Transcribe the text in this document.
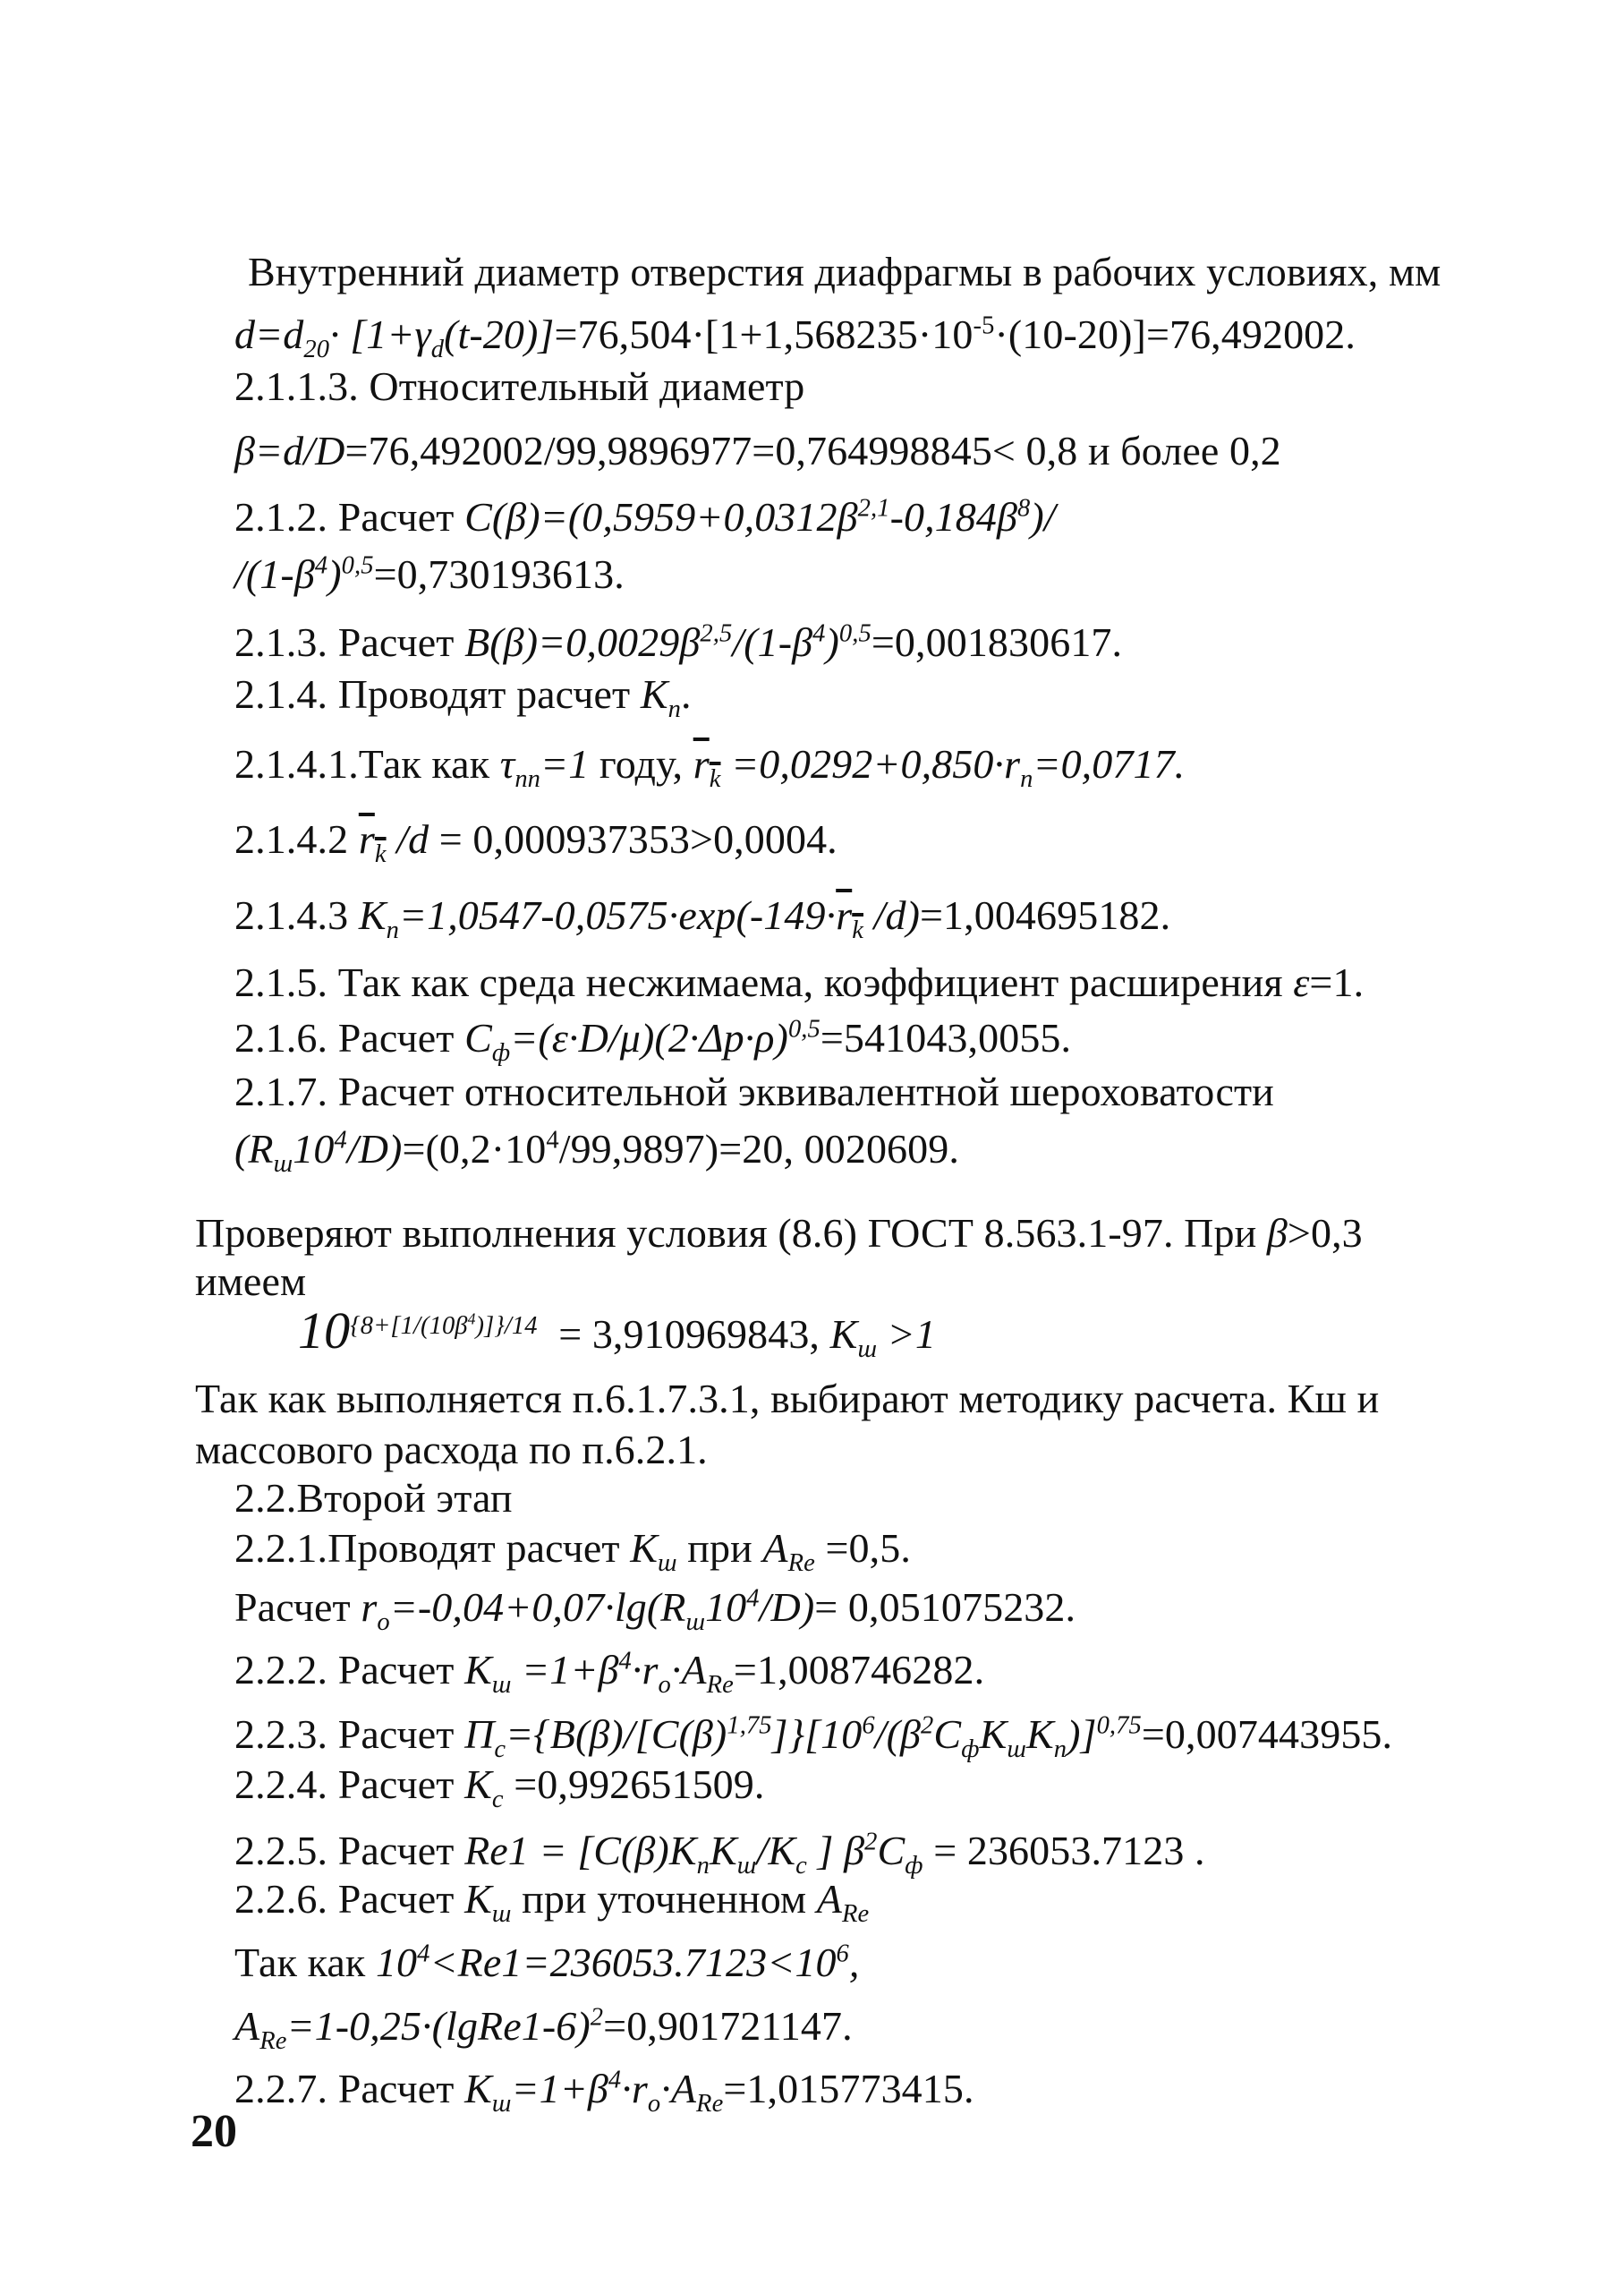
Внутренний диаметр отверстия диафрагмы в рабочих условиях, мм
$d=d_{20}\cdot [1+\gamma_d(t-20)]=76,504\cdot[1+1,568235\cdot 10^{-5}\cdot(10-20)]=76,492002$.
2.1.1.3. Относительный диаметр
β=d/D=76,492002/99,9896977=0,764998845< 0,8 и более 0,2
2.1.2. Расчет $C(\beta)=(0,5959+0,0312\beta^{2,1}-0,184\beta^8)/$
$/(1-\beta^4)^{0,5}=0,730193613$.
2.1.3. Расчет $B(\beta)=0,0029\beta^{2,5}/(1-\beta^4)^{0,5}=0,001830617$.
2.1.4. Проводят расчет $K_п$.
2.1.4.1.Так как $\tau_{пп}=1$ году, $r_k =0,0292+0,850\cdot r_п=0,0717$.
2.1.4.2 $r_k$ /d = 0,000937353>0,0004.
2.1.4.3 $K_п=1,0547-0,0575\cdot\exp(-149\cdot r_k$ /d)=1,004695182.
2.1.5. Так как среда несжимаема, коэффициент расширения ε=1.
2.1.6. Расчет $C_ф=(\varepsilon\cdot D/\mu)(2\cdot\Delta p\cdot\rho)^{0,5}=541043,0055$.
2.1.7. Расчет относительной эквивалентной шероховатости
$(R_ш10^4/D)=(0,2\cdot 10^4/99,9897)=20$, 0020609.
Проверяют выполнения условия (8.6) ГОСТ 8.563.1-97. При β>0,3
имеем
$10^{\{8+[1/(10\beta^4)]\}/14} = 3,910969843$, $K_ш >1$
Так как выполняется п.6.1.7.3.1, выбирают методику расчета. Кш и
массового расхода по п.6.2.1.
2.2.Второй этап
2.2.1.Проводят расчет $K_ш$ при $A_{Re} =0,5$.
Расчет $r_o=-0,04+0,07\cdot\lg(R_ш10^4/D)= 0,051075232$.
2.2.2. Расчет $K_ш =1+\beta^4\cdot r_o\cdot A_{Re}=1,008746282$.
2.2.3. Расчет $П_c=\{B(\beta)/[C(\beta)^{1,75}]\}[10^6/(\beta^2C_фK_шK_п)]^{0,75}=0,007443955$.
2.2.4. Расчет $K_c =0,992651509$.
2.2.5. Расчет $Re1 = [C(\beta)K_пK_ш/K_c$ ] $\beta^2C_ф = 236053.7123$ .
2.2.6. Расчет $K_ш$ при уточненном $A_{Re}$
Так как $10^4<Re1=236053.7123<10^6$,
$A_{Re}=1-0,25\cdot(lgRe1-6)^2=0,901721147$.
2.2.7. Расчет $K_ш=1+\beta^4\cdot r_o\cdot A_{Re}=1,015773415$.
20
